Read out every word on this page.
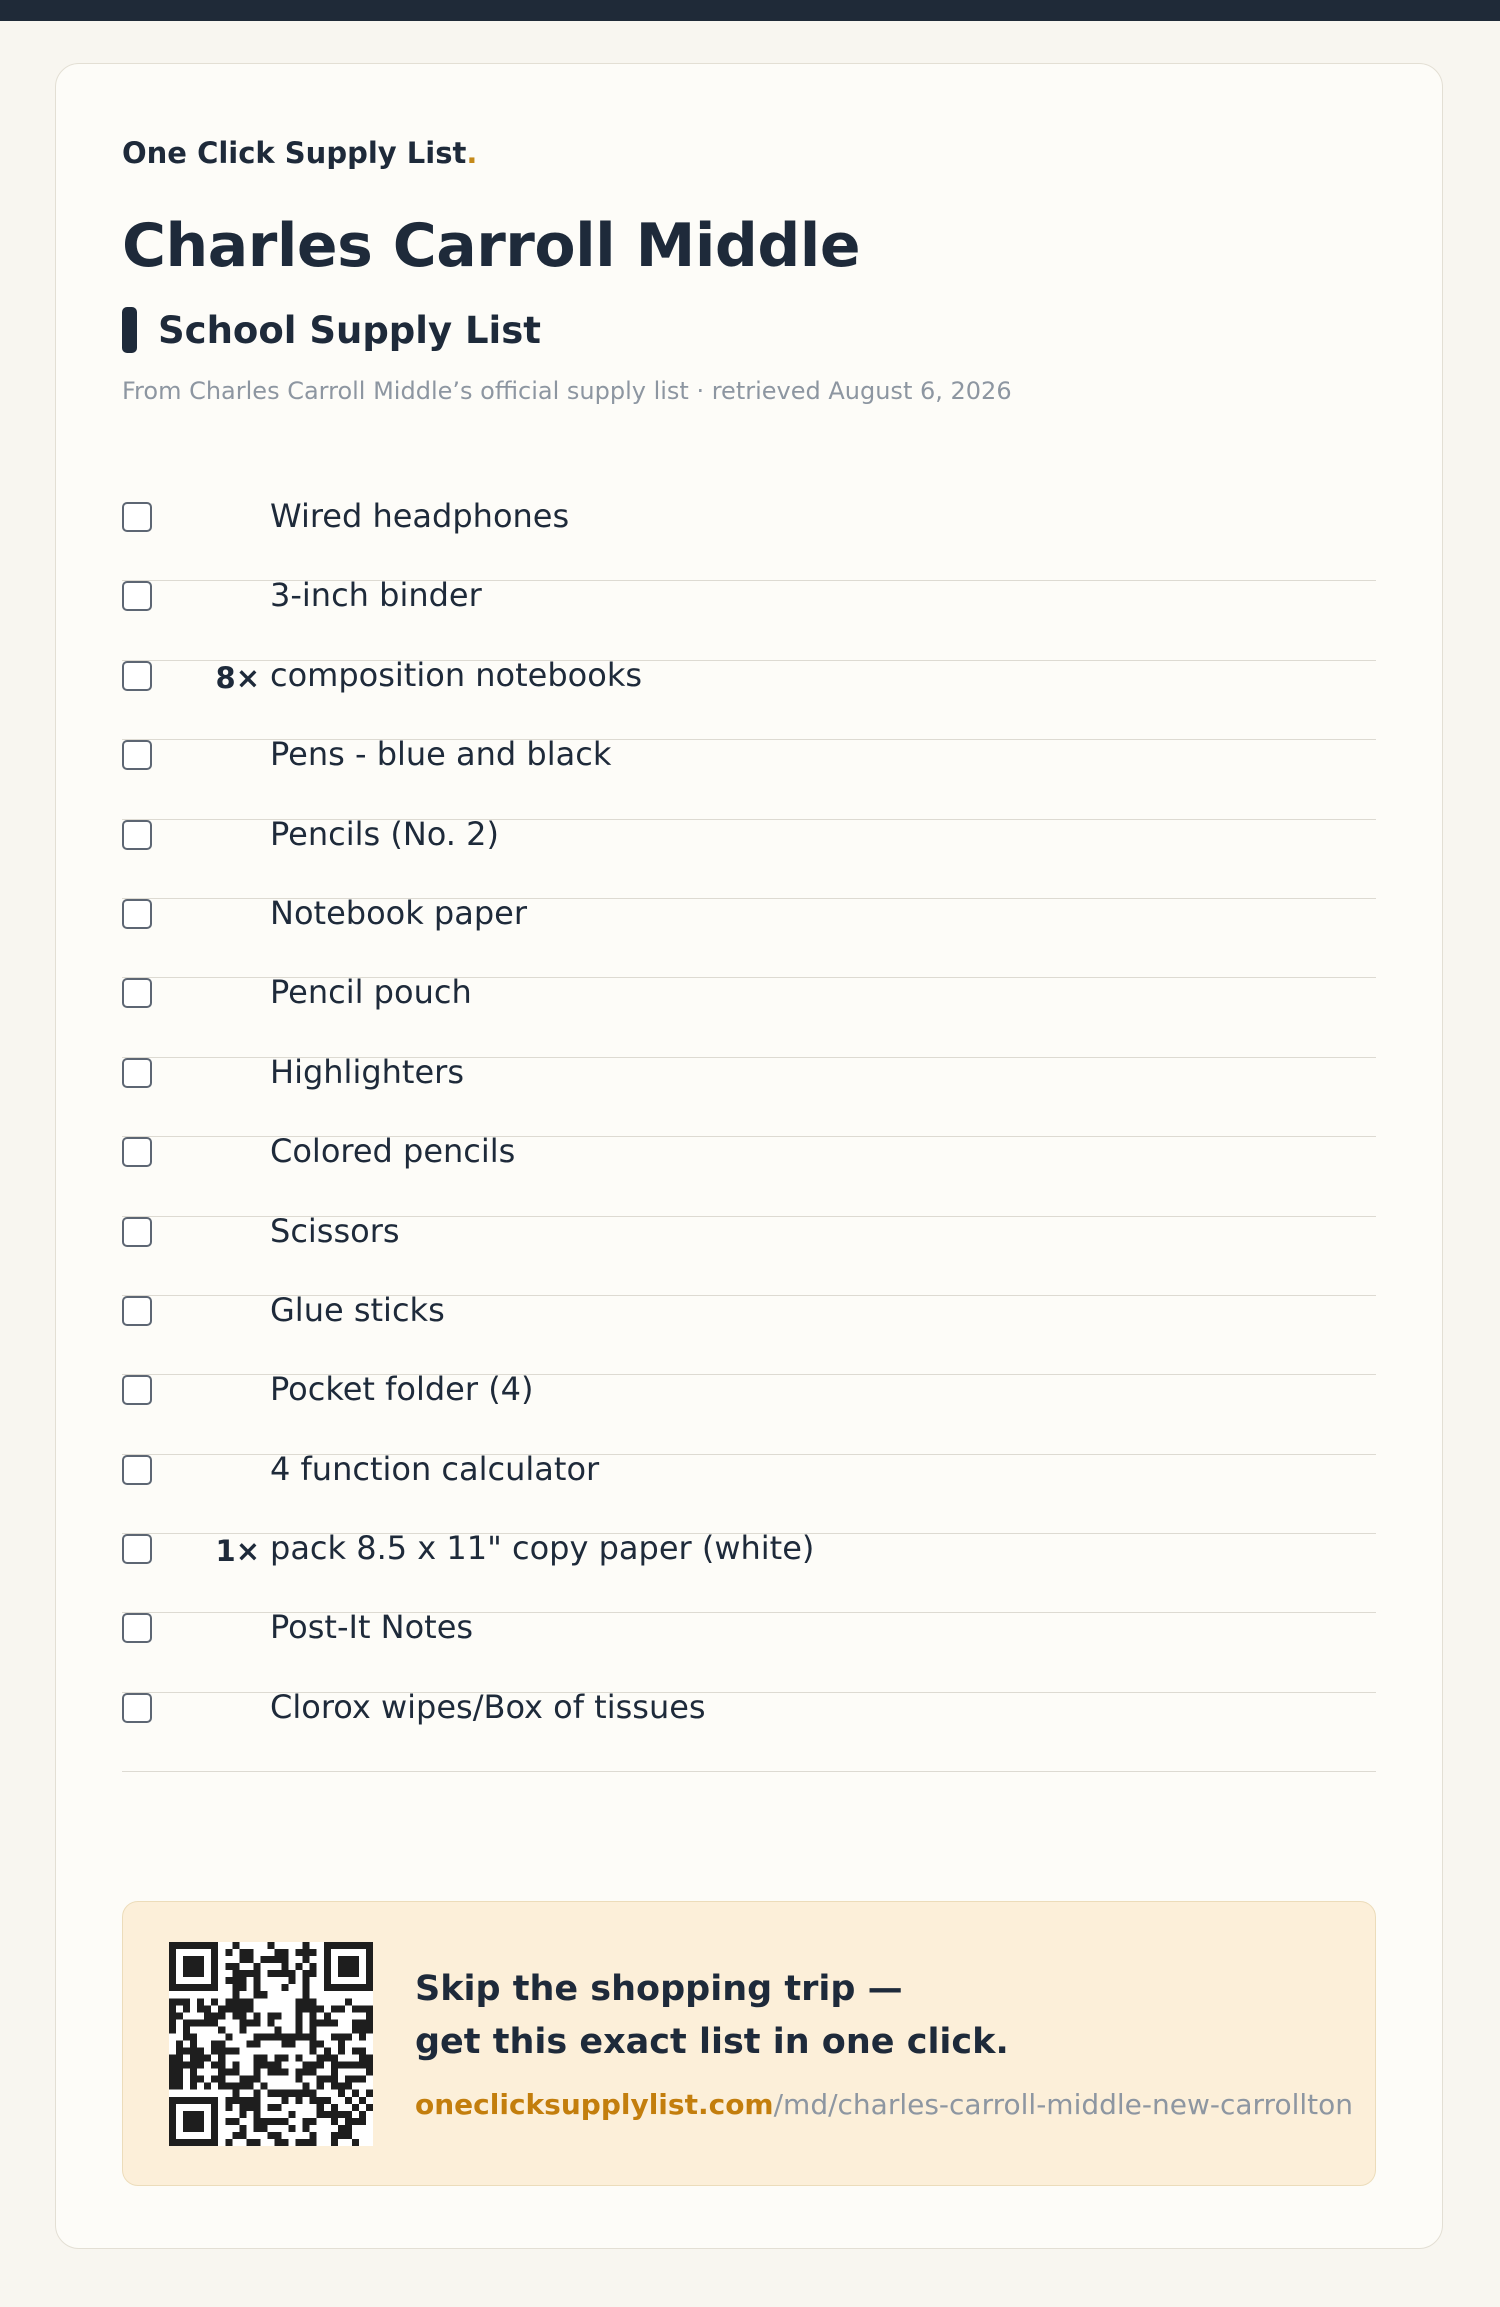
One Click Supply List.
Charles Carroll Middle
School Supply List
From Charles Carroll Middle’s official supply list · retrieved August 6, 2026
Wired headphones
3-inch binder
8× composition notebooks
Pens - blue and black
Pencils (No. 2)
Notebook paper
Pencil pouch
Highlighters
Colored pencils
Scissors
Glue sticks
Pocket folder (4)
4 function calculator
1× pack 8.5 x 11" copy paper (white)
Post-It Notes
Clorox wipes/Box of tissues
Skip the shopping trip —
get this exact list in one click.
oneclicksupplylist.com/md/charles-carroll-middle-new-carrollton
